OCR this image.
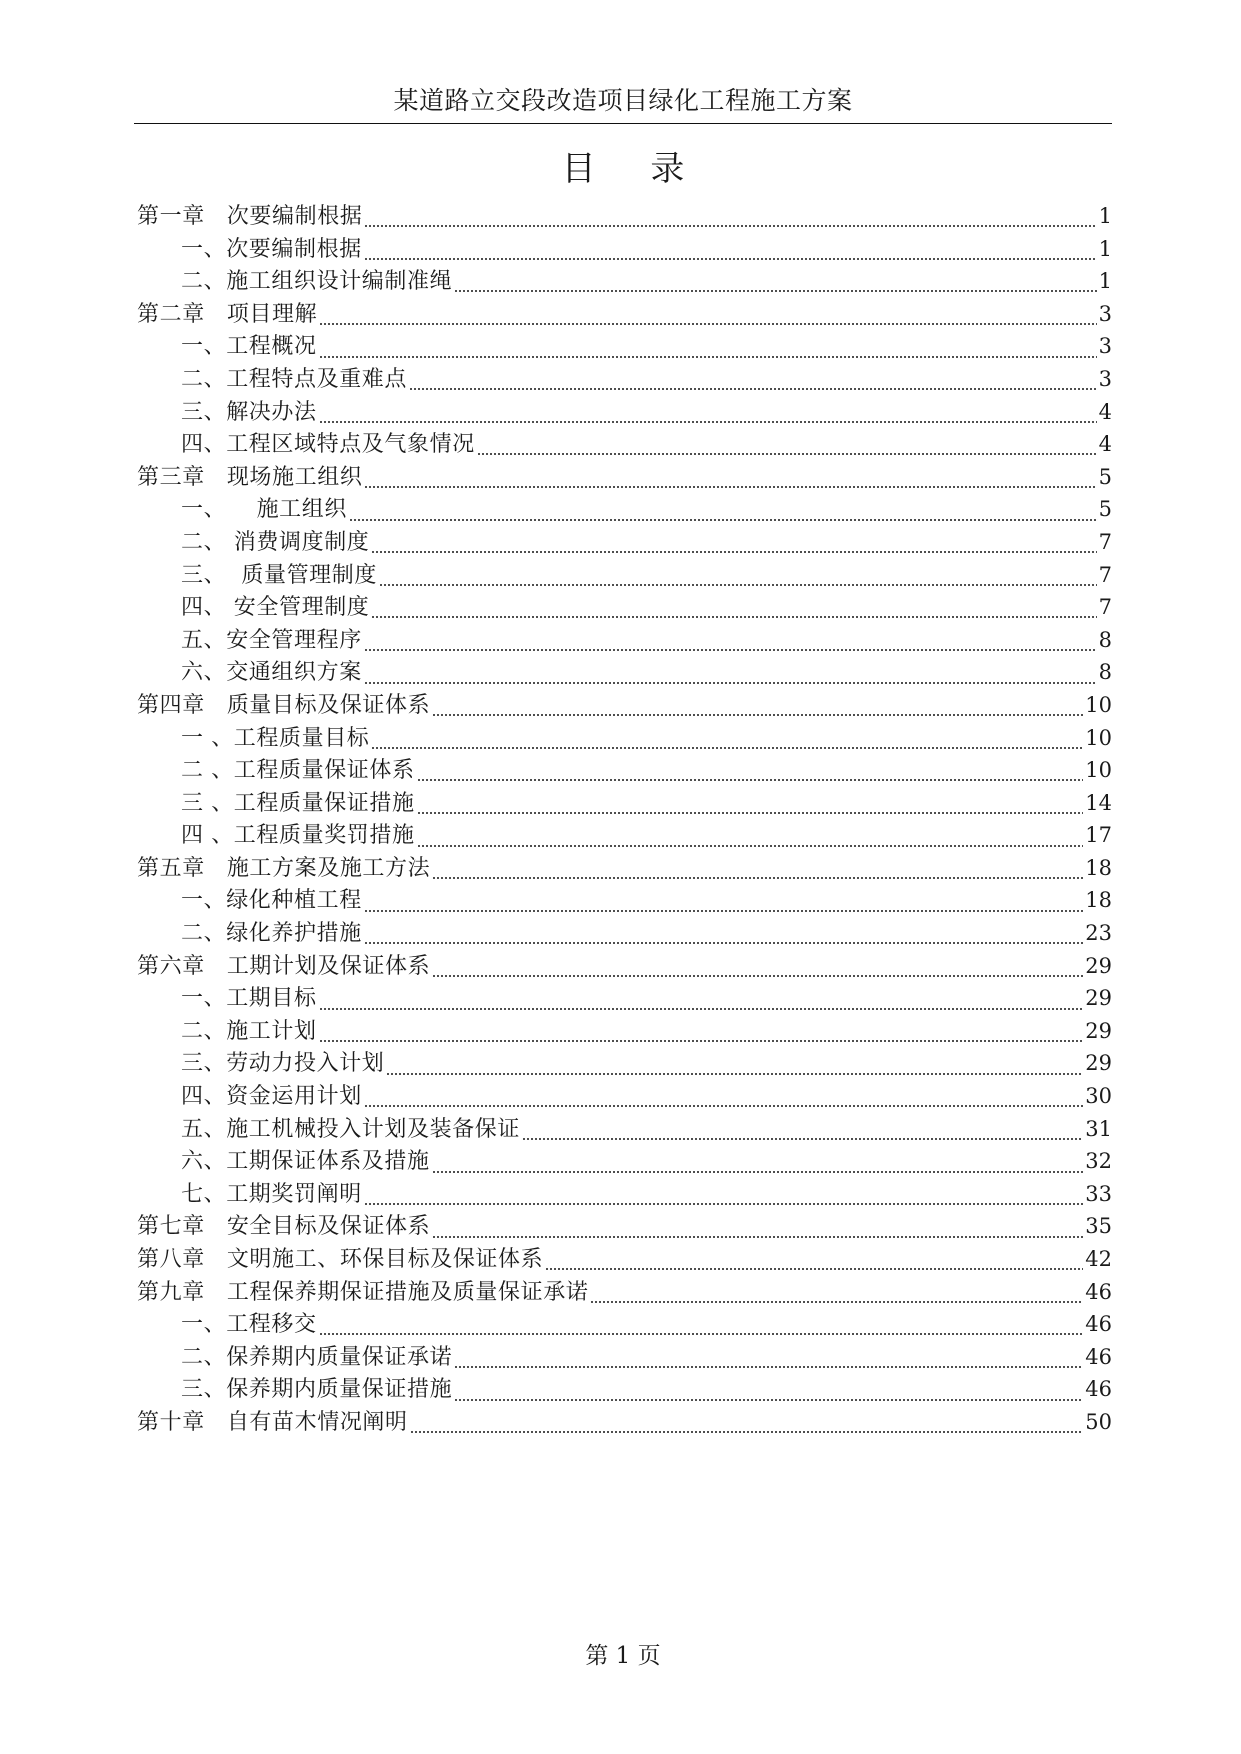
某道路立交段改造项目绿化工程施工方案
目 录
第一章 次要编制根据	1
一、次要编制根据	1
二、施工组织设计编制准绳	1
第二章 项目理解	3
一、工程概况	3
二、工程特点及重难点	3
三、解决办法	4
四、工程区域特点及气象情况	4
第三章 现场施工组织	5
一、    施工组织	5
二、 消费调度制度	7
三、  质量管理制度	7
四、 安全管理制度	7
五、安全管理程序	8
六、交通组织方案	8
第四章 质量目标及保证体系	10
一 、工程质量目标	10
二 、工程质量保证体系	10
三 、工程质量保证措施	14
四 、工程质量奖罚措施	17
第五章 施工方案及施工方法	18
一、绿化种植工程	18
二、绿化养护措施	23
第六章 工期计划及保证体系	29
一、工期目标	29
二、施工计划	29
三、劳动力投入计划	29
四、资金运用计划	30
五、施工机械投入计划及装备保证	31
六、工期保证体系及措施	32
七、工期奖罚阐明	33
第七章 安全目标及保证体系	35
第八章 文明施工、环保目标及保证体系	42
第九章 工程保养期保证措施及质量保证承诺	46
一、工程移交	46
二、保养期内质量保证承诺	46
三、保养期内质量保证措施	46
第十章 自有苗木情况阐明	50
第 1 页
